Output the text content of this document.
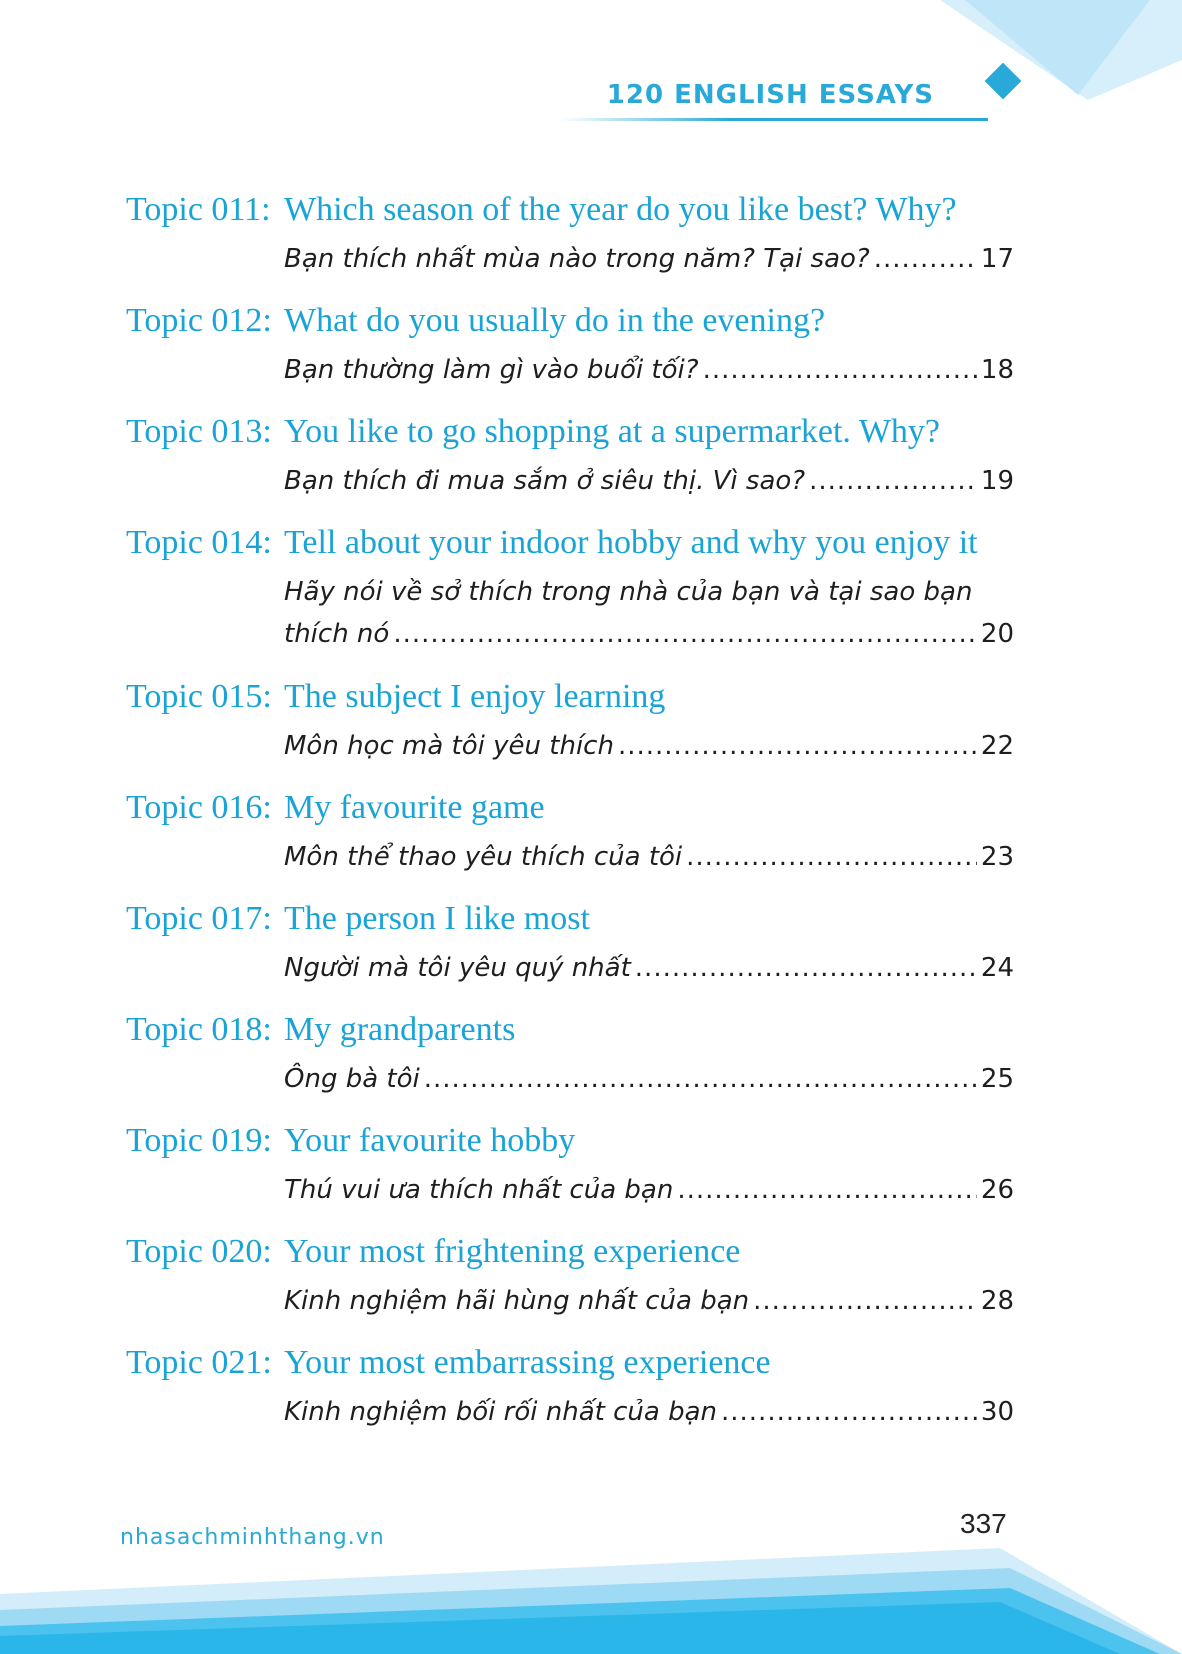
120 ENGLISH ESSAYS
Topic 011: Which season of the year do you like best? Why?
Bạn thích nhất mùa nào trong năm? Tại sao? .....	17
Topic 012: What do you usually do in the evening?
Bạn thường làm gì vào buổi tối? .....	18
Topic 013: You like to go shopping at a supermarket. Why?
Bạn thích đi mua sắm ở siêu thị. Vì sao? .....	19
Topic 014: Tell about your indoor hobby and why you enjoy it
Hãy nói về sở thích trong nhà của bạn và tại sao bạn
thích nó .....	20
Topic 015: The subject I enjoy learning
Môn học mà tôi yêu thích .....	22
Topic 016: My favourite game
Môn thể thao yêu thích của tôi .....	23
Topic 017: The person I like most
Người mà tôi yêu quý nhất .....	24
Topic 018: My grandparents
Ông bà tôi .....	25
Topic 019: Your favourite hobby
Thú vui ưa thích nhất của bạn .....	26
Topic 020: Your most frightening experience
Kinh nghiệm hãi hùng nhất của bạn .....	28
Topic 021: Your most embarrassing experience
Kinh nghiệm bối rối nhất của bạn .....	30
nhasachminhthang.vn	337
